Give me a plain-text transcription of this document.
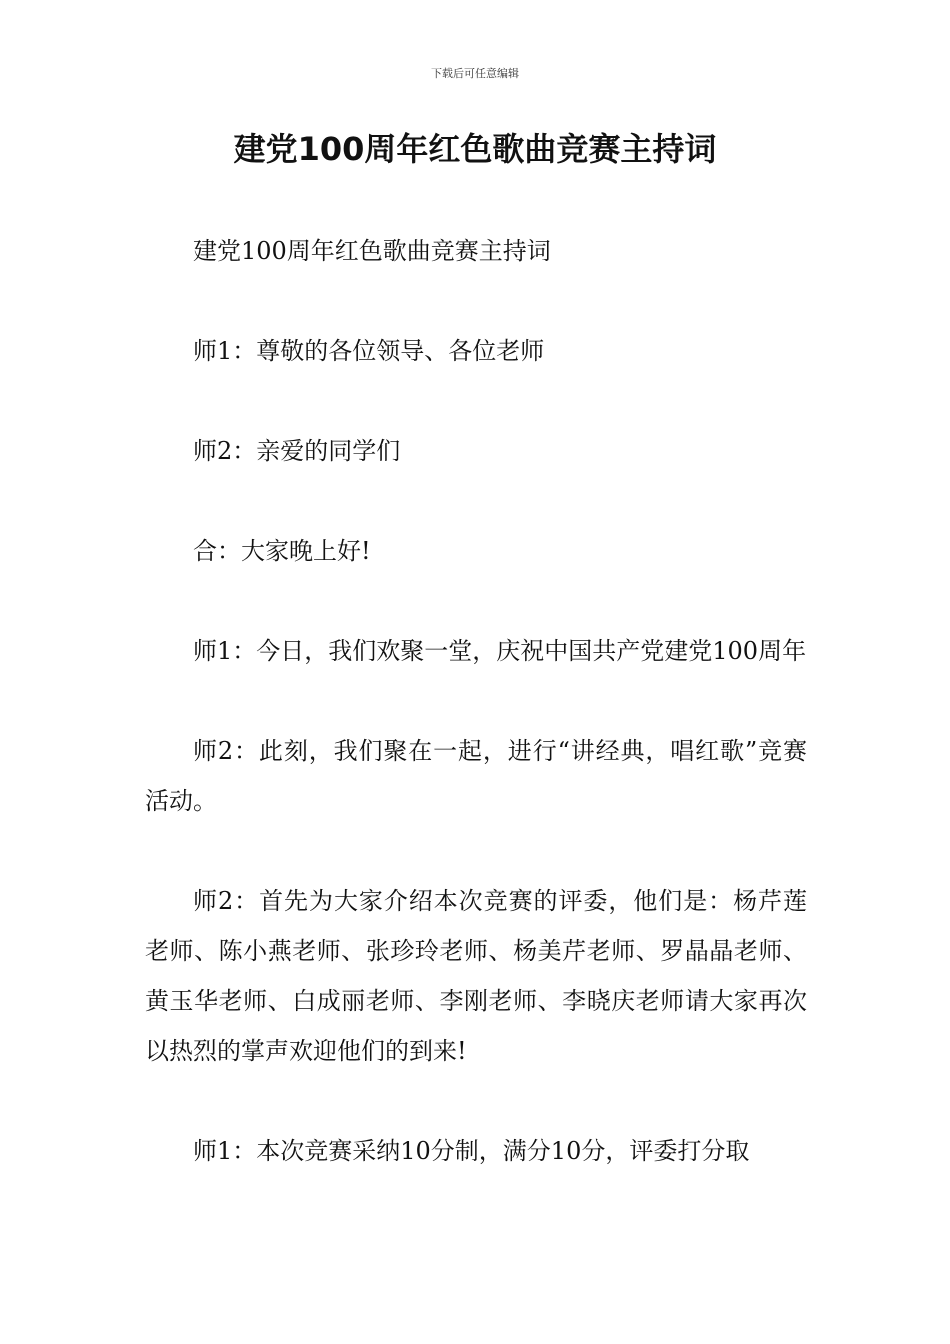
下载后可任意编辑
建党100周年红色歌曲竞赛主持词

建党100周年红色歌曲竞赛主持词

师1：尊敬的各位领导、各位老师

师2：亲爱的同学们

合：大家晚上好!

师1：今日，我们欢聚一堂，庆祝中国共产党建党100周年

师2：此刻，我们聚在一起，进行“讲经典，唱红歌”竞赛活动。

师2：首先为大家介绍本次竞赛的评委，他们是：杨芹莲老师、陈小燕老师、张珍玲老师、杨美芹老师、罗晶晶老师、黄玉华老师、白成丽老师、李刚老师、李晓庆老师请大家再次以热烈的掌声欢迎他们的到来!

师1：本次竞赛采纳10分制，满分10分，评委打分取
